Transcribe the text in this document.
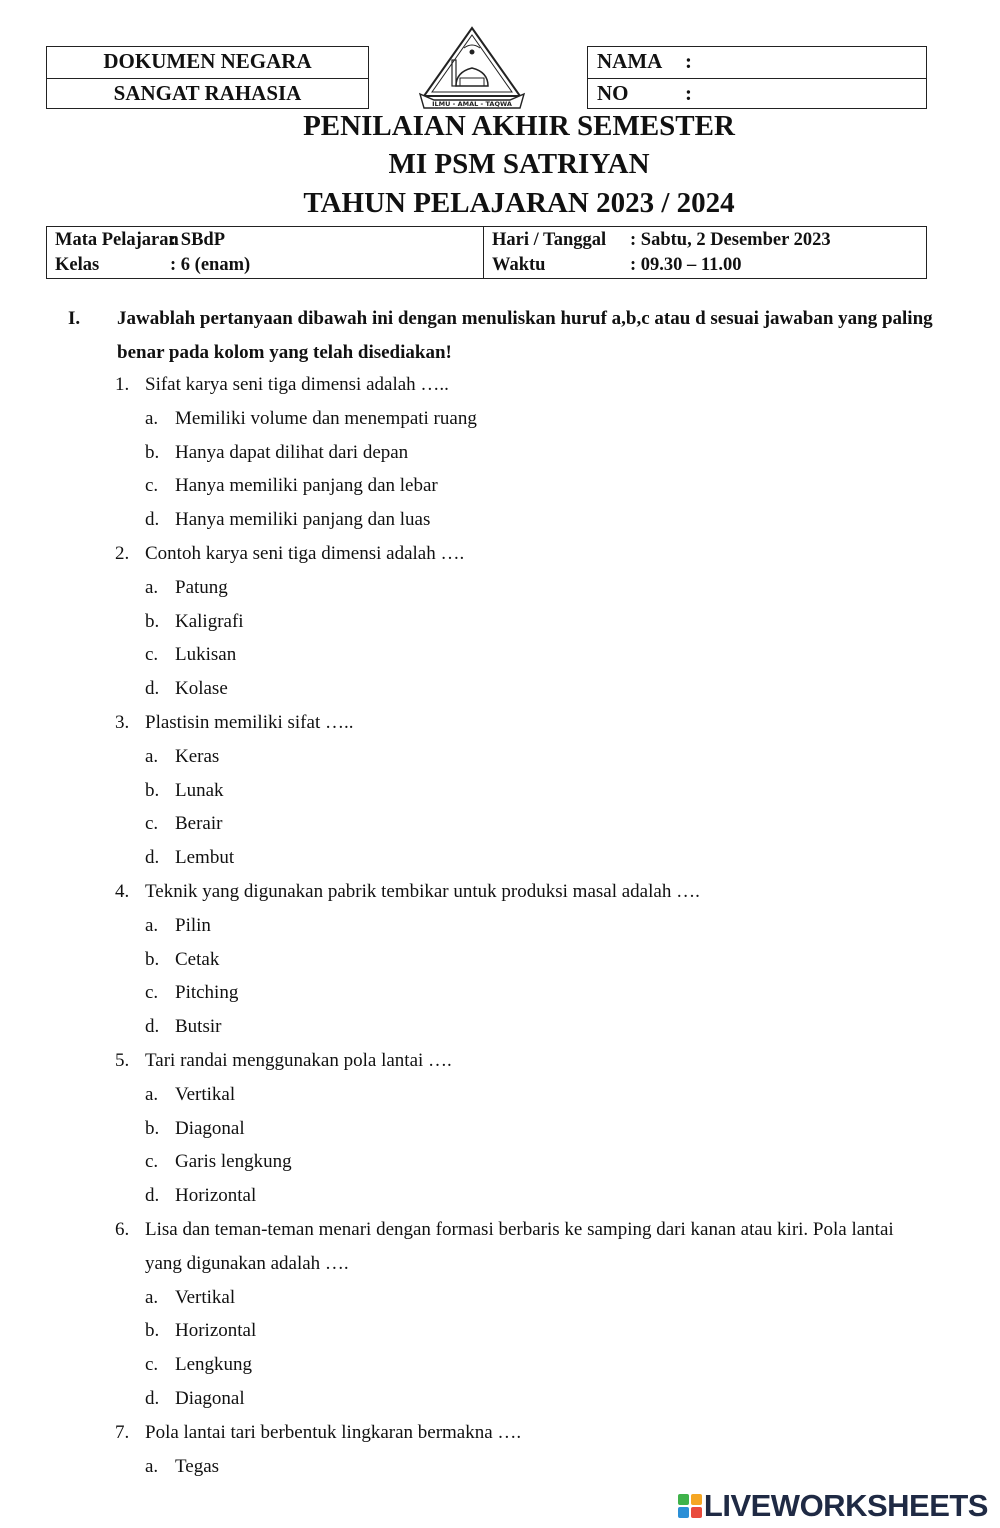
DOKUMEN NEGARA
SANGAT RAHASIA	ILMU - AMAL - TAQWA
NAMA :
NO	:
PENILAIAN AKHIR SEMESTER
MI PSM SATRIYAN
TAHUN PELAJARAN 2023 / 2024
Mata Pelajaran: SBdP
Kelas	: 6 (enam)
Hari / Tanggal : Sabtu, 2 Desember 2023
Waktu	: 09.30 – 11.00
I. Jawablah pertanyaan dibawah ini dengan menuliskan huruf a,b,c atau d sesuai jawaban yang paling benar pada kolom yang telah disediakan!
1. Sifat karya seni tiga dimensi adalah …..
a. Memiliki volume dan menempati ruang
b. Hanya dapat dilihat dari depan
c. Hanya memiliki panjang dan lebar
d. Hanya memiliki panjang dan luas
2. Contoh karya seni tiga dimensi adalah ….
a. Patung
b. Kaligrafi
c. Lukisan
d. Kolase
3. Plastisin memiliki sifat …..
a. Keras
b. Lunak
c. Berair
d. Lembut
4. Teknik yang digunakan pabrik tembikar untuk produksi masal adalah ….
a. Pilin
b. Cetak
c. Pitching
d. Butsir
5. Tari randai menggunakan pola lantai ….
a. Vertikal
b. Diagonal
c. Garis lengkung
d. Horizontal
6. Lisa dan teman-teman menari dengan formasi berbaris ke samping dari kanan atau kiri. Pola lantai yang digunakan adalah ….
a. Vertikal
b. Horizontal
c. Lengkung
d. Diagonal
7. Pola lantai tari berbentuk lingkaran bermakna ….
a. Tegas
LIVEWORKSHEETS
